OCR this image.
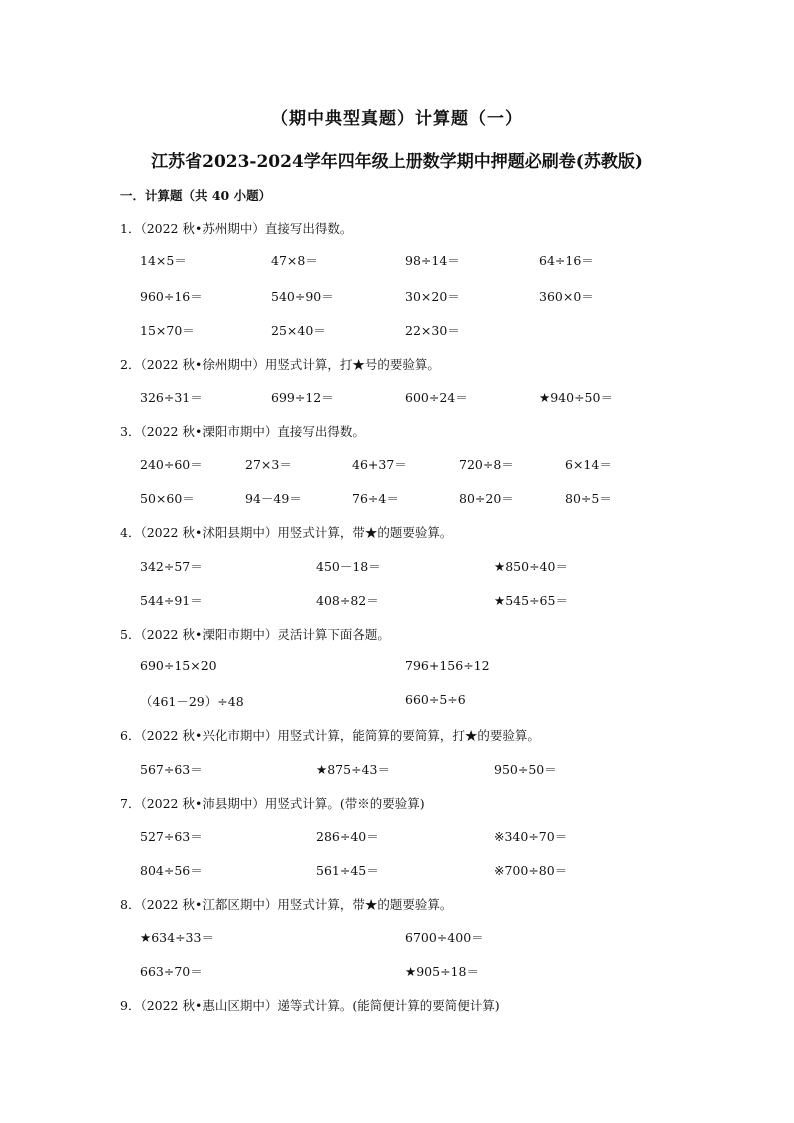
（期中典型真题）计算题（一）
江苏省2023-2024学年四年级上册数学期中押题必刷卷(苏教版)
一．计算题（共 40 小题）
1．（2022 秋•苏州期中）直接写出得数。
14×5＝	47×8＝	98÷14＝	64÷16＝
960÷16＝	540÷90＝	30×20＝	360×0＝
15×70＝	25×40＝	22×30＝
2．（2022 秋•徐州期中）用竖式计算，打★号的要验算。
326÷31＝	699÷12＝	600÷24＝	★940÷50＝
3．（2022 秋•溧阳市期中）直接写出得数。
240÷60＝	27×3＝	46+37＝	720÷8＝	6×14＝
50×60＝	94－49＝	76÷4＝	80÷20＝	80÷5＝
4．（2022 秋•沭阳县期中）用竖式计算，带★的题要验算。
342÷57＝	450－18＝	★850÷40＝
544÷91＝	408÷82＝	★545÷65＝
5．（2022 秋•溧阳市期中）灵活计算下面各题。
690÷15×20	796+156÷12
（461－29）÷48	660÷5÷6
6．（2022 秋•兴化市期中）用竖式计算，能简算的要简算，打★的要验算。
567÷63＝	★875÷43＝	950÷50＝
7．（2022 秋•沛县期中）用竖式计算。(带※的要验算)
527÷63＝	286÷40＝	※340÷70＝
804÷56＝	561÷45＝	※700÷80＝
8．（2022 秋•江都区期中）用竖式计算，带★的题要验算。
★634÷33＝	6700÷400＝
663÷70＝	★905÷18＝
9．（2022 秋•惠山区期中）递等式计算。(能简便计算的要简便计算)
